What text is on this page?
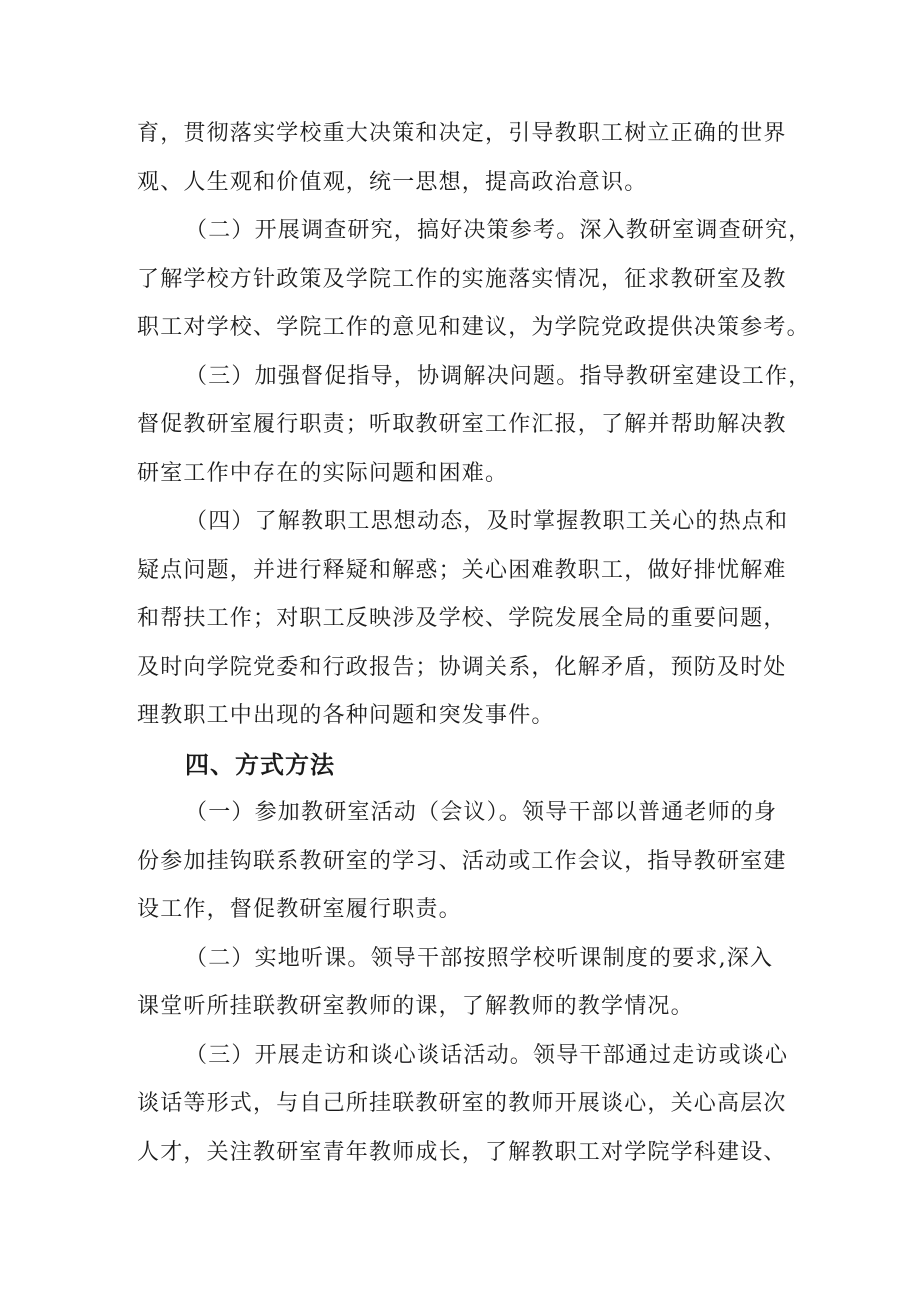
育，贯彻落实学校重大决策和决定，引导教职工树立正确的世界
观、人生观和价值观，统一思想，提高政治意识。
（二）开展调查研究，搞好决策参考。深入教研室调查研究，
了解学校方针政策及学院工作的实施落实情况，征求教研室及教
职工对学校、学院工作的意见和建议，为学院党政提供决策参考。
（三）加强督促指导，协调解决问题。指导教研室建设工作，
督促教研室履行职责；听取教研室工作汇报，了解并帮助解决教
研室工作中存在的实际问题和困难。
（四）了解教职工思想动态，及时掌握教职工关心的热点和
疑点问题，并进行释疑和解惑；关心困难教职工，做好排忧解难
和帮扶工作；对职工反映涉及学校、学院发展全局的重要问题，
及时向学院党委和行政报告；协调关系，化解矛盾，预防及时处
理教职工中出现的各种问题和突发事件。
四、方式方法
（一）参加教研室活动（会议）。领导干部以普通老师的身
份参加挂钩联系教研室的学习、活动或工作会议，指导教研室建
设工作，督促教研室履行职责。
（二）实地听课。领导干部按照学校听课制度的要求,深入
课堂听所挂联教研室教师的课，了解教师的教学情况。
（三）开展走访和谈心谈话活动。领导干部通过走访或谈心
谈话等形式，与自己所挂联教研室的教师开展谈心，关心高层次
人才，关注教研室青年教师成长，了解教职工对学院学科建设、
